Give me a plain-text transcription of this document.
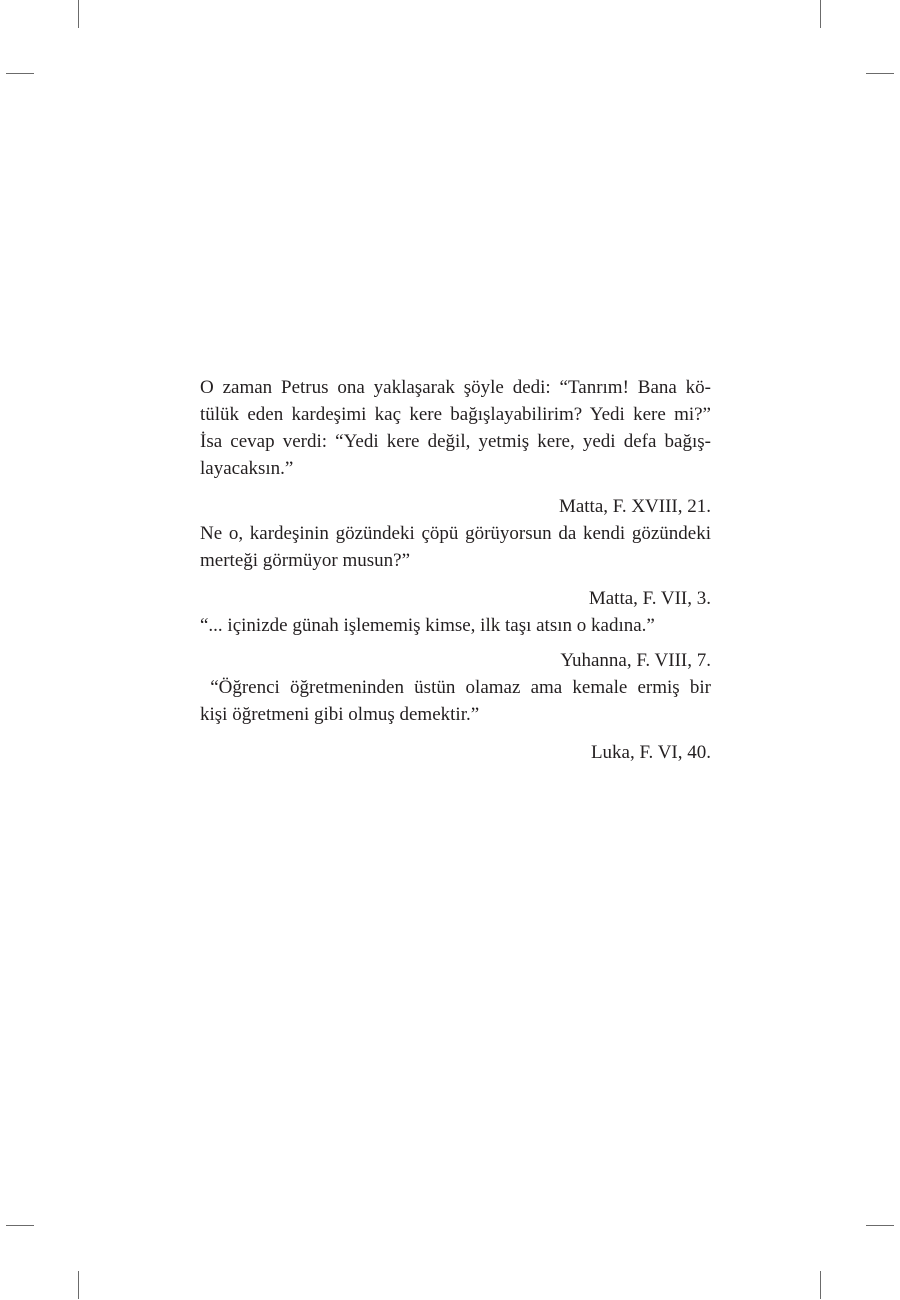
O zaman Petrus ona yaklaşarak şöyle dedi: “Tanrım! Bana kö-
tülük eden kardeşimi kaç kere bağışlayabilirim? Yedi kere mi?”
İsa cevap verdi: “Yedi kere değil, yetmiş kere, yedi defa bağış-
layacaksın.”

Matta, F. XVIII, 21.

Ne o, kardeşinin gözündeki çöpü görüyorsun da kendi gözündeki
merteği görmüyor musun?”

Matta, F. VII, 3.

“... içinizde günah işlememiş kimse, ilk taşı atsın o kadına.”

Yuhanna, F. VIII, 7.

“Öğrenci öğretmeninden üstün olamaz ama kemale ermiş bir
kişi öğretmeni gibi olmuş demektir.”

Luka, F. VI, 40.
